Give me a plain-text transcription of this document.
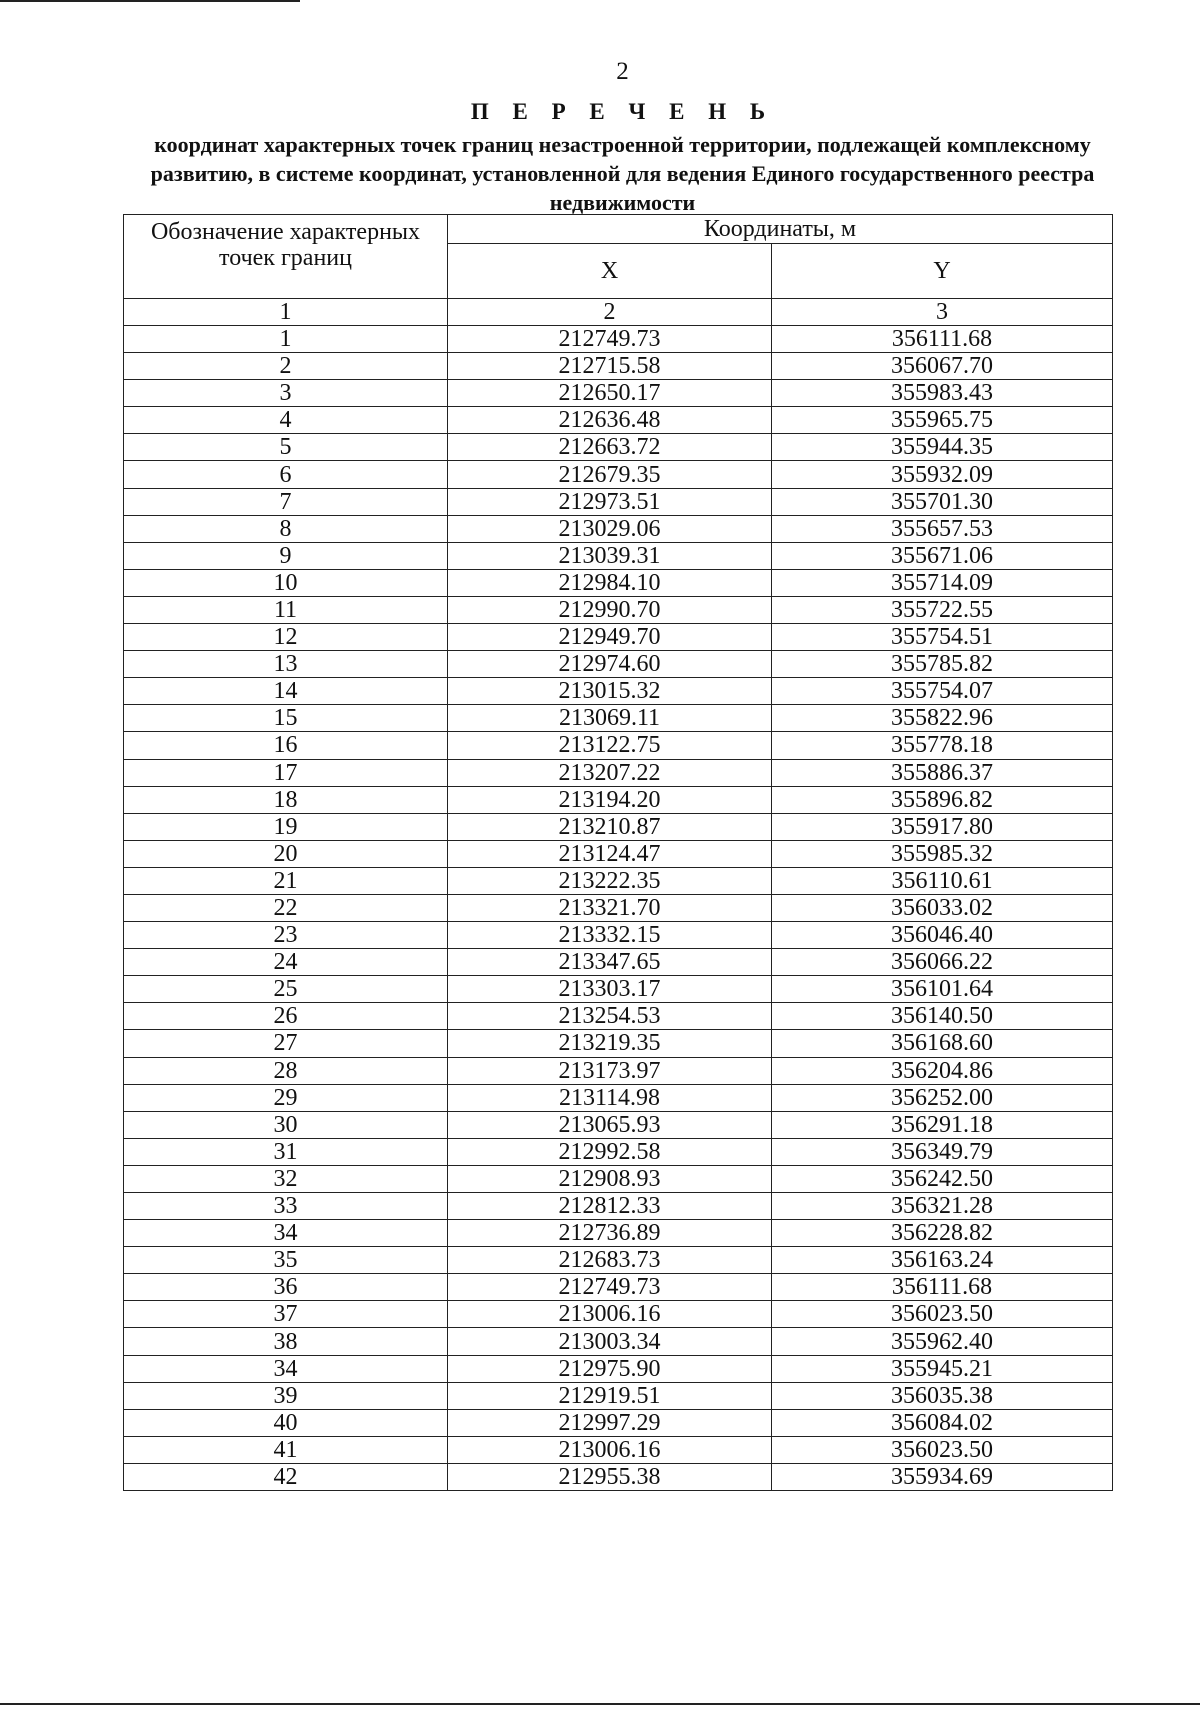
2
П Е Р Е Ч Е Н Ь
координат характерных точек границ незастроенной территории, подлежащей комплексному развитию, в системе координат, установленной для ведения Единого государственного реестра недвижимости
Обозначение характерных точек границ	Координаты, м	
	X	Y
1	2	3
1	212749.73	356111.68
2	212715.58	356067.70
3	212650.17	355983.43
4	212636.48	355965.75
5	212663.72	355944.35
6	212679.35	355932.09
7	212973.51	355701.30
8	213029.06	355657.53
9	213039.31	355671.06
10	212984.10	355714.09
11	212990.70	355722.55
12	212949.70	355754.51
13	212974.60	355785.82
14	213015.32	355754.07
15	213069.11	355822.96
16	213122.75	355778.18
17	213207.22	355886.37
18	213194.20	355896.82
19	213210.87	355917.80
20	213124.47	355985.32
21	213222.35	356110.61
22	213321.70	356033.02
23	213332.15	356046.40
24	213347.65	356066.22
25	213303.17	356101.64
26	213254.53	356140.50
27	213219.35	356168.60
28	213173.97	356204.86
29	213114.98	356252.00
30	213065.93	356291.18
31	212992.58	356349.79
32	212908.93	356242.50
33	212812.33	356321.28
34	212736.89	356228.82
35	212683.73	356163.24
36	212749.73	356111.68
37	213006.16	356023.50
38	213003.34	355962.40
34	212975.90	355945.21
39	212919.51	356035.38
40	212997.29	356084.02
41	213006.16	356023.50
42	212955.38	355934.69
